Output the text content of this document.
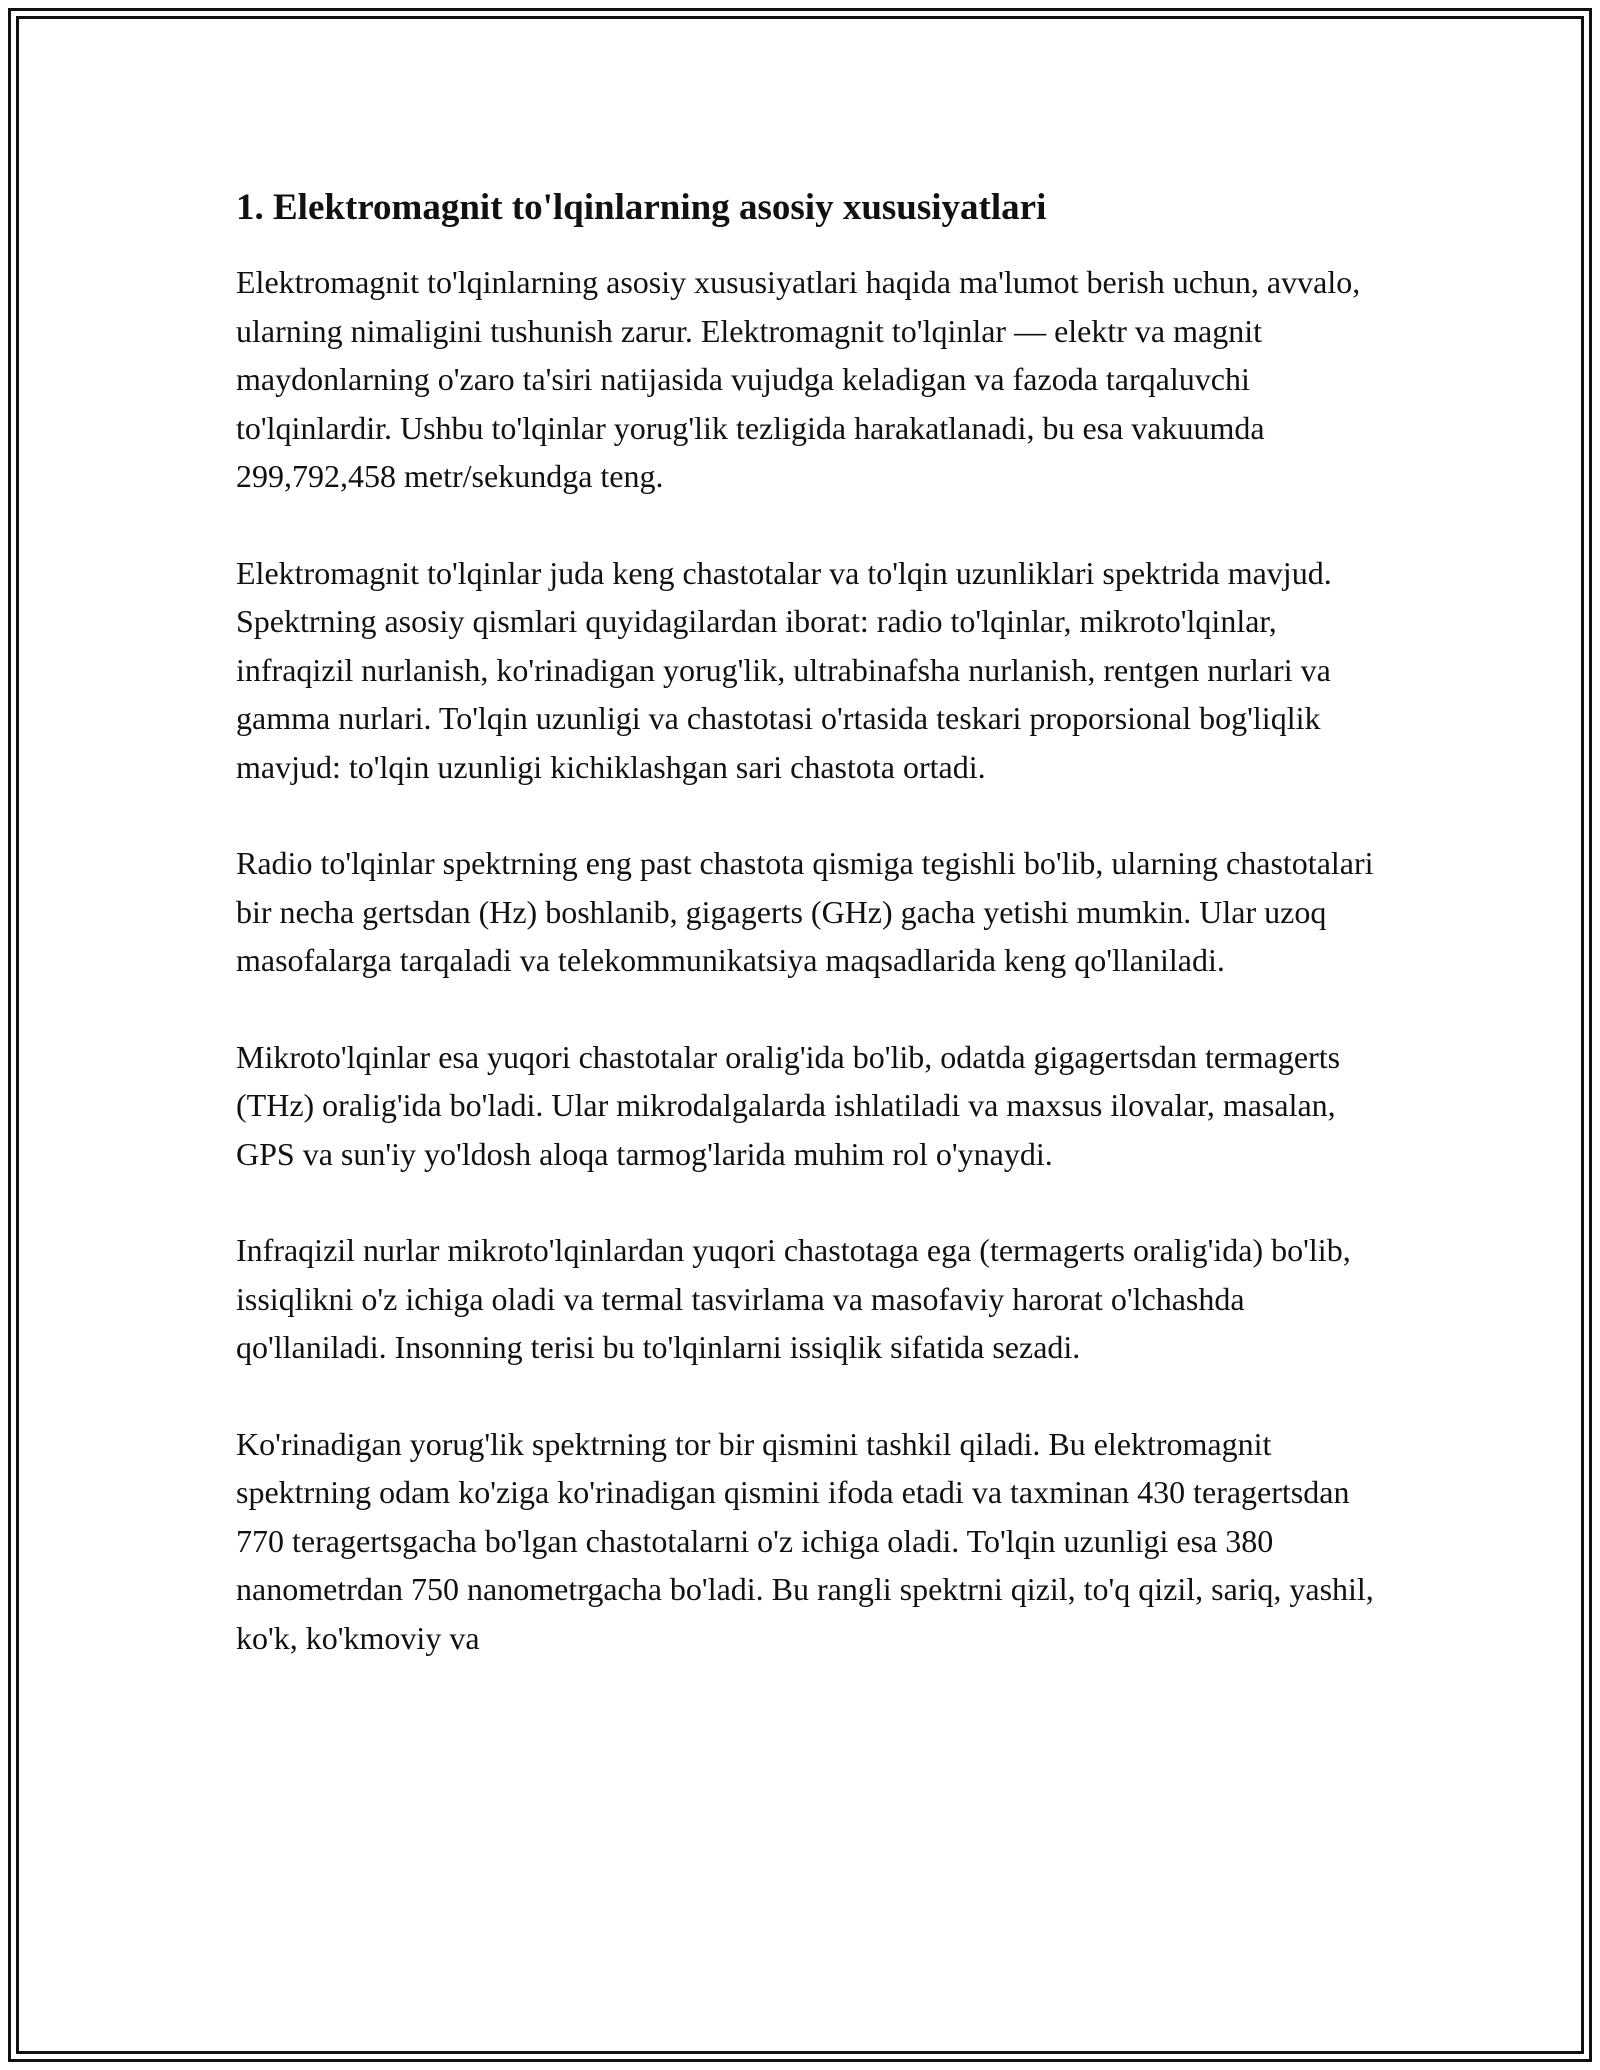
1. Elektromagnit to'lqinlarning asosiy xususiyatlari

Elektromagnit to'lqinlarning asosiy xususiyatlari haqida ma'lumot berish uchun, avvalo, ularning nimaligini tushunish zarur. Elektromagnit to'lqinlar — elektr va magnit maydonlarning o'zaro ta'siri natijasida vujudga keladigan va fazoda tarqaluvchi to'lqinlardir. Ushbu to'lqinlar yorug'lik tezligida harakatlanadi, bu esa vakuumda 299,792,458 metr/sekundga teng.

Elektromagnit to'lqinlar juda keng chastotalar va to'lqin uzunliklari spektrida mavjud. Spektrning asosiy qismlari quyidagilardan iborat: radio to'lqinlar, mikroto'lqinlar, infraqizil nurlanish, ko'rinadigan yorug'lik, ultrabinafsha nurlanish, rentgen nurlari va gamma nurlari. To'lqin uzunligi va chastotasi o'rtasida teskari proporsional bog'liqlik mavjud: to'lqin uzunligi kichiklashgan sari chastota ortadi.

Radio to'lqinlar spektrning eng past chastota qismiga tegishli bo'lib, ularning chastotalari bir necha gertsdan (Hz) boshlanib, gigagerts (GHz) gacha yetishi mumkin. Ular uzoq masofalarga tarqaladi va telekommunikatsiya maqsadlarida keng qo'llaniladi.

Mikroto'lqinlar esa yuqori chastotalar oralig'ida bo'lib, odatda gigagertsdan termagerts (THz) oralig'ida bo'ladi. Ular mikrodalgalarda ishlatiladi va maxsus ilovalar, masalan, GPS va sun'iy yo'ldosh aloqa tarmog'larida muhim rol o'ynaydi.

Infraqizil nurlar mikroto'lqinlardan yuqori chastotaga ega (termagerts oralig'ida) bo'lib, issiqlikni o'z ichiga oladi va termal tasvirlama va masofaviy harorat o'lchashda qo'llaniladi. Insonning terisi bu to'lqinlarni issiqlik sifatida sezadi.

Ko'rinadigan yorug'lik spektrning tor bir qismini tashkil qiladi. Bu elektromagnit spektrning odam ko'ziga ko'rinadigan qismini ifoda etadi va taxminan 430 teragertsdan 770 teragertsgacha bo'lgan chastotalarni o'z ichiga oladi. To'lqin uzunligi esa 380 nanometrdan 750 nanometrgacha bo'ladi. Bu rangli spektrni qizil, to'q qizil, sariq, yashil, ko'k, ko'kmoviy va
